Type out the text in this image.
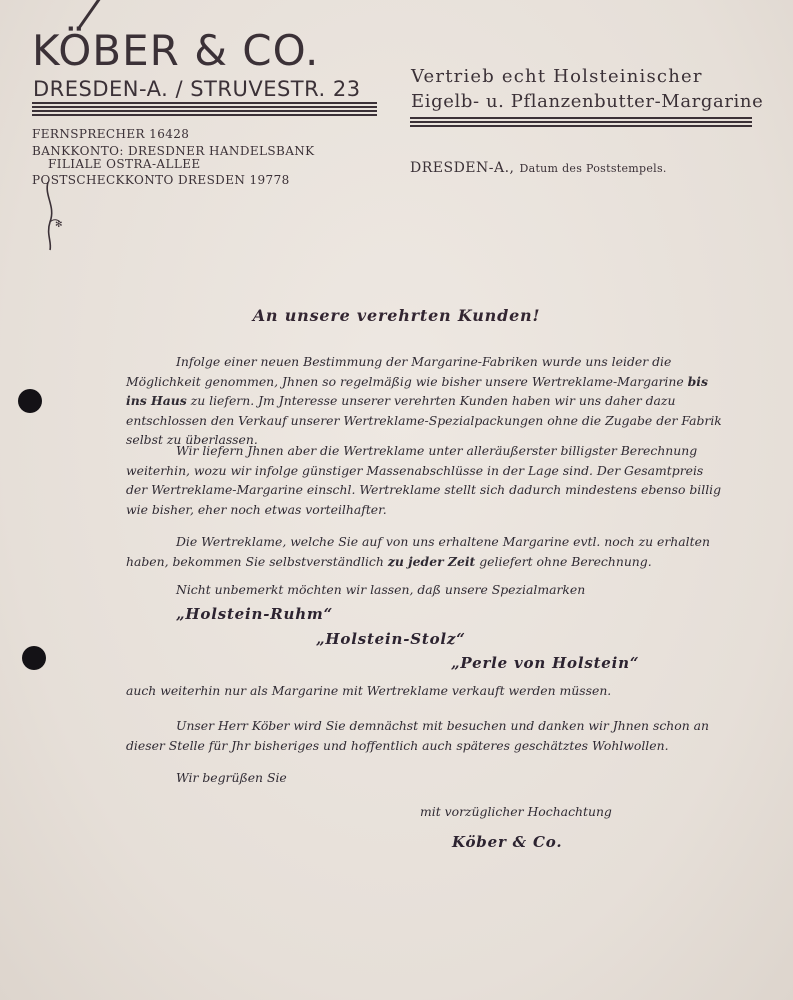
KÖBER & CO.
DRESDEN-A. / STRUVESTR. 23
FERNSPRECHER 16428
BANKKONTO: DRESDNER HANDELSBANK
FILIALE OSTRA-ALLEE
POSTSCHECKKONTO DRESDEN 19778
✻
Vertrieb echt Holsteinischer
Eigelb- u. Pflanzenbutter-Margarine
DRESDEN-A., Datum des Poststempels.
An unsere verehrten Kunden!
Infolge einer neuen Bestimmung der Margarine-Fabriken wurde uns leider die Möglichkeit genommen, Jhnen so regelmäßig wie bisher unsere Wertreklame-Margarine bis ins Haus zu liefern. Jm Jnteresse unserer verehrten Kunden haben wir uns daher dazu entschlossen den Verkauf unserer Wertreklame-Spezialpackungen ohne die Zugabe der Fabrik selbst zu überlassen.
Wir liefern Jhnen aber die Wertreklame unter alleräußerster billigster Berechnung weiterhin, wozu wir infolge günstiger Massenabschlüsse in der Lage sind. Der Gesamtpreis der Wertreklame-Margarine einschl. Wertreklame stellt sich dadurch mindestens ebenso billig wie bisher, eher noch etwas vorteilhafter.
Die Wertreklame, welche Sie auf von uns erhaltene Margarine evtl. noch zu erhalten haben, bekommen Sie selbstverständlich zu jeder Zeit geliefert ohne Berechnung.
Nicht unbemerkt möchten wir lassen, daß unsere Spezialmarken
„Holstein-Ruhm“
„Holstein-Stolz“
„Perle von Holstein“
auch weiterhin nur als Margarine mit Wertreklame verkauft werden müssen.
Unser Herr Köber wird Sie demnächst mit besuchen und danken wir Jhnen schon an dieser Stelle für Jhr bisheriges und hoffentlich auch späteres geschätztes Wohlwollen.
Wir begrüßen Sie
mit vorzüglicher Hochachtung
Köber & Co.
